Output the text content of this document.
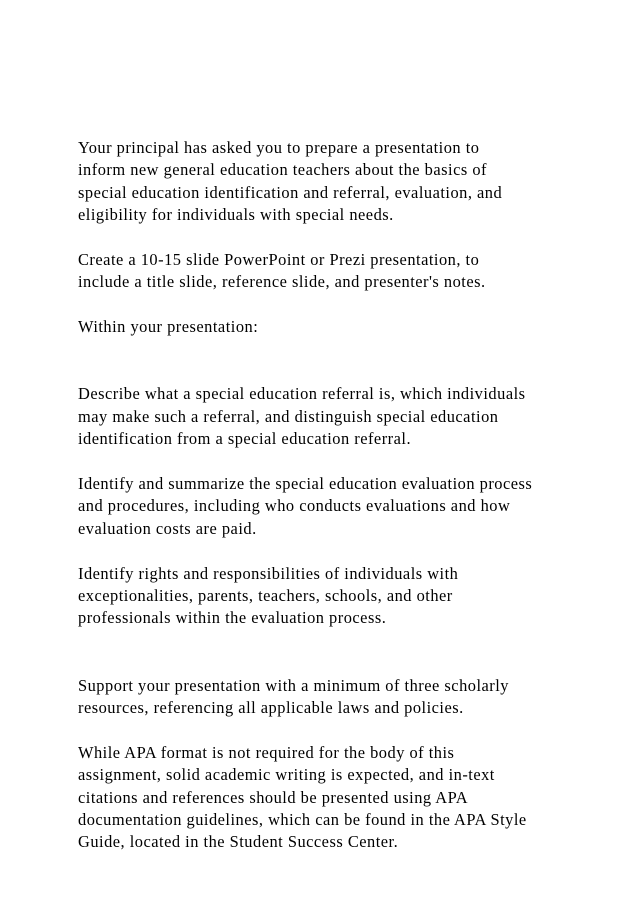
Your principal has asked you to prepare a presentation to
inform new general education teachers about the basics of
special education identification and referral, evaluation, and
eligibility for individuals with special needs.

Create a 10-15 slide PowerPoint or Prezi presentation, to
include a title slide, reference slide, and presenter's notes.

Within your presentation:

Describe what a special education referral is, which individuals
may make such a referral, and distinguish special education
identification from a special education referral.

Identify and summarize the special education evaluation process
and procedures, including who conducts evaluations and how
evaluation costs are paid.

Identify rights and responsibilities of individuals with
exceptionalities, parents, teachers, schools, and other
professionals within the evaluation process.

Support your presentation with a minimum of three scholarly
resources, referencing all applicable laws and policies.

While APA format is not required for the body of this
assignment, solid academic writing is expected, and in-text
citations and references should be presented using APA
documentation guidelines, which can be found in the APA Style
Guide, located in the Student Success Center.
